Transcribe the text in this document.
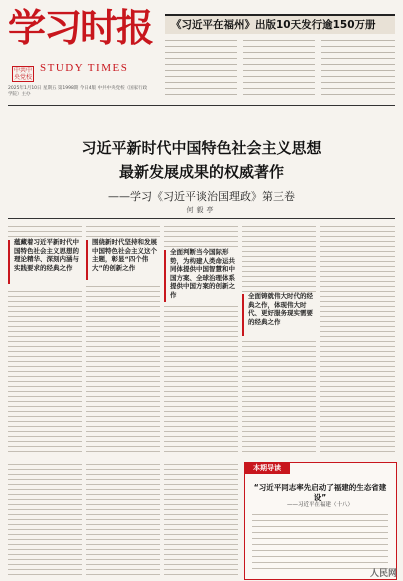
学习时报
中共中央党校
STUDY TIMES
2025年1月10日 星期五 第1998期 今日4版 中共中央党校（国家行政学院）主办
《习近平在福州》出版10天发行逾150万册
习近平新时代中国特色社会主义思想
最新发展成果的权威著作
——学习《习近平谈治国理政》第三卷
何毅亭
蕴藏着习近平新时代中国特色社会主义思想的理论精华、深刻内涵与实践要求的经典之作
围绕新时代坚持和发展中国特色社会主义这个主题，彰显“四个伟大”的创新之作
全面判断当今国际形势，为构建人类命运共同体提供中国智慧和中国方案、全球治理体系提供中国方案的创新之作	全面铸就伟大时代的经典之作，体现伟大时代、更好服务现实需要的经典之作
本期导读
“习近平同志率先启动了福建的生态省建设”
——习近平在福建（十八）
人民网
